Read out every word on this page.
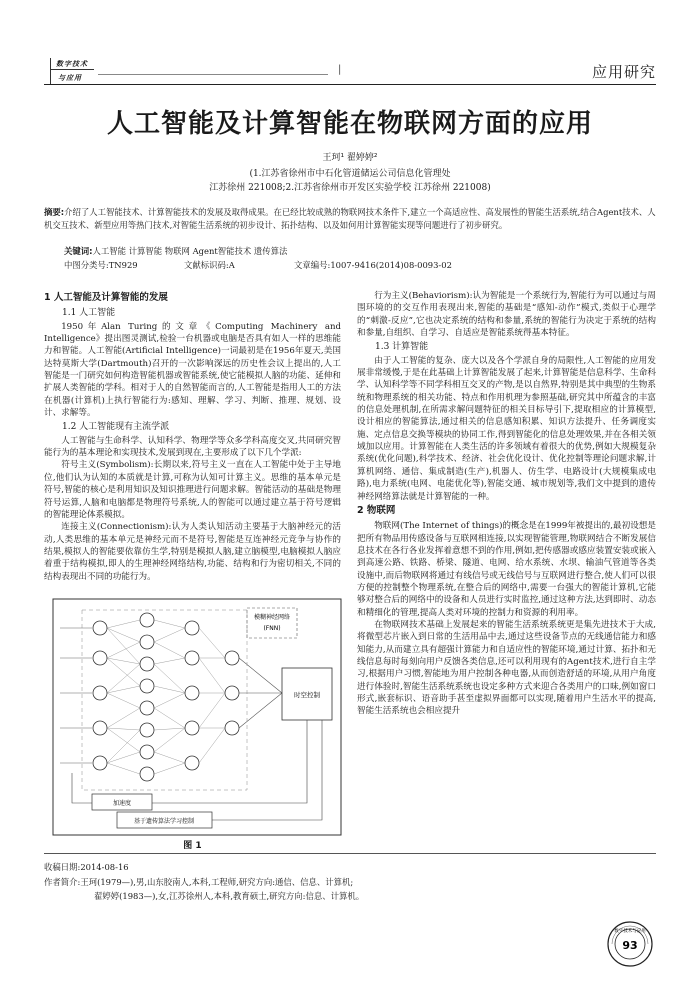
数字技术
与应用
|	应用研究
人工智能及计算智能在物联网方面的应用
王珂¹ 翟婷婷²
(1.江苏省徐州市中石化管道储运公司信息化管理处
江苏徐州 221008;2.江苏省徐州市开发区实验学校 江苏徐州 221008)
摘要:介绍了人工智能技术、计算智能技术的发展及取得成果。在已经比较成熟的物联网技术条件下,建立一个高适应性、高发展性的智能生活系统,结合Agent技术、人机交互技术、新型应用等热门技术,对智能生活系统的初步设计、拓扑结构、以及如何用计算智能实现等问题进行了初步研究。
关键词:人工智能 计算智能 物联网 Agent智能技术 遗传算法
中图分类号:TN929	文献标识码:A	文章编号:1007-9416(2014)08-0093-02
1 人工智能及计算智能的发展
1.1 人工智能

1950年Alan Turing的文章《Computing Machinery and Intelligence》提出图灵测试,检验一台机器或电脑是否具有如人一样的思维能力和智能。人工智能(Artificial Intelligence)一词最初是在1956年夏天,美国达特莫斯大学(Dartmouth)召开的一次影响深远的历史性会议上提出的,人工智能是一门研究如何构造智能机器或智能系统,使它能模拟人脑的功能、延伸和扩展人类智能的学科。相对于人的自然智能而言的,人工智能是指用人工的方法在机器(计算机)上执行智能行为:感知、理解、学习、判断、推理、规划、设计、求解等。

1.2 人工智能现有主流学派

人工智能与生命科学、认知科学、物理学等众多学科高度交叉,共同研究智能行为的基本理论和实现技术,发展到现在,主要形成了以下几个学派:

符号主义(Symbolism):长期以来,符号主义一直在人工智能中处于主导地位,他们认为认知的本质就是计算,可称为认知可计算主义。思维的基本单元是符号,智能的核心是利用知识及知识推理进行问题求解。智能活动的基础是物理符号运算,人脑和电脑都是物理符号系统,人的智能可以通过建立基于符号逻辑的智能理论体系模拟。

连接主义(Connectionism):认为人类认知活动主要基于大脑神经元的活动,人类思维的基本单元是神经元而不是符号,智能是互连神经元竞争与协作的结果,模拟人的智能要依靠仿生学,特别是模拟人脑,建立脑模型,电脑模拟人脑应着重于结构模拟,即人的生理神经网络结构,功能、结构和行为密切相关,不同的结构表现出不同的功能行为。

模糊神经网络
(FNN)
时空控制
加速度
基于遗传算法学习控制
图 1

行为主义(Behaviorism):认为智能是一个系统行为,智能行为可以通过与周围环境的的交互作用表现出来,智能的基础是“感知-动作”模式,类似于心理学的“刺激-反应”,它也决定系统的结构和参量,系统的智能行为决定于系统的结构和参量,自组织、自学习、自适应是智能系统得基本特征。

1.3 计算智能

由于人工智能的复杂、庞大以及各个学派自身的局限性,人工智能的应用发展非常缓慢,于是在此基础上计算智能发展了起来,计算智能是信息科学、生命科学、认知科学等不同学科相互交叉的产物,是以自然界,特别是其中典型的生物系统和物理系统的相关功能、特点和作用机理为参照基础,研究其中所蕴含的丰富的信息处理机制,在所需求解问题特征的相关目标导引下,提取相应的计算模型,设计相应的智能算法,通过相关的信息感知积累、知识方法提升、任务调度实施、定点信息交换等模块的协同工作,得到智能化的信息处理效果,并在各相关领域加以应用。计算智能在人类生活的许多领域有着很大的优势,例如大规模复杂系统(优化问题),科学技术、经济、社会优化设计、优化控制等理论问题求解,计算机网络、通信、集成制造(生产),机器人、仿生学、电路设计(大规模集成电路),电力系统(电网、电能优化等),智能交通、城市规划等,我们文中提到的遗传神经网络算法就是计算智能的一种。

2 物联网

物联网(The Internet of things)的概念是在1999年被提出的,最初设想是把所有物品用传感设备与互联网相连接,以实现智能管理,物联网结合不断发展信息技术在各行各业发挥着意想不到的作用,例如,把传感器或感应装置安装或嵌入到高速公路、铁路、桥梁、隧道、电网、给水系统、水坝、输油气管道等各类设施中,而后物联网将通过有线信号或无线信号与互联网进行整合,使人们可以很方便的控制整个物理系统,在整合后的网络中,需要一台强大的智能计算机,它能够对整合后的网络中的设备和人员进行实时监控,通过这种方法,达到即时、动态和精细化的管理,提高人类对环境的控制力和资源的利用率。

在物联网技术基础上发展起来的智能生活系统系统更是集先进技术于大成,将微型芯片嵌入到日常的生活用品中去,通过这些设备节点的无线通信能力和感知能力,从而建立具有超强计算能力和自适应性的智能环境,通过计算、拓扑和无线信息每时每刻向用户反馈各类信息,还可以利用现有的Agent技术,进行自主学习,根据用户习惯,智能地为用户控制各种电器,从而创造舒适的环境,从用户角度进行体验时,智能生活系统系统也设定多种方式来迎合各类用户的口味,例如窗口形式,嵌套标识、语音助手甚至虚拟界面都可以实现,随着用户生活水平的提高,智能生活系统也会相应提升

收稿日期:2014-08-16
作者简介:王珂(1979—),男,山东胶南人,本科,工程师,研究方向:通信、信息、计算机;
翟婷婷(1983—),女,江苏徐州人,本科,教育硕士,研究方向:信息、计算机。
数字技术与应用
93
